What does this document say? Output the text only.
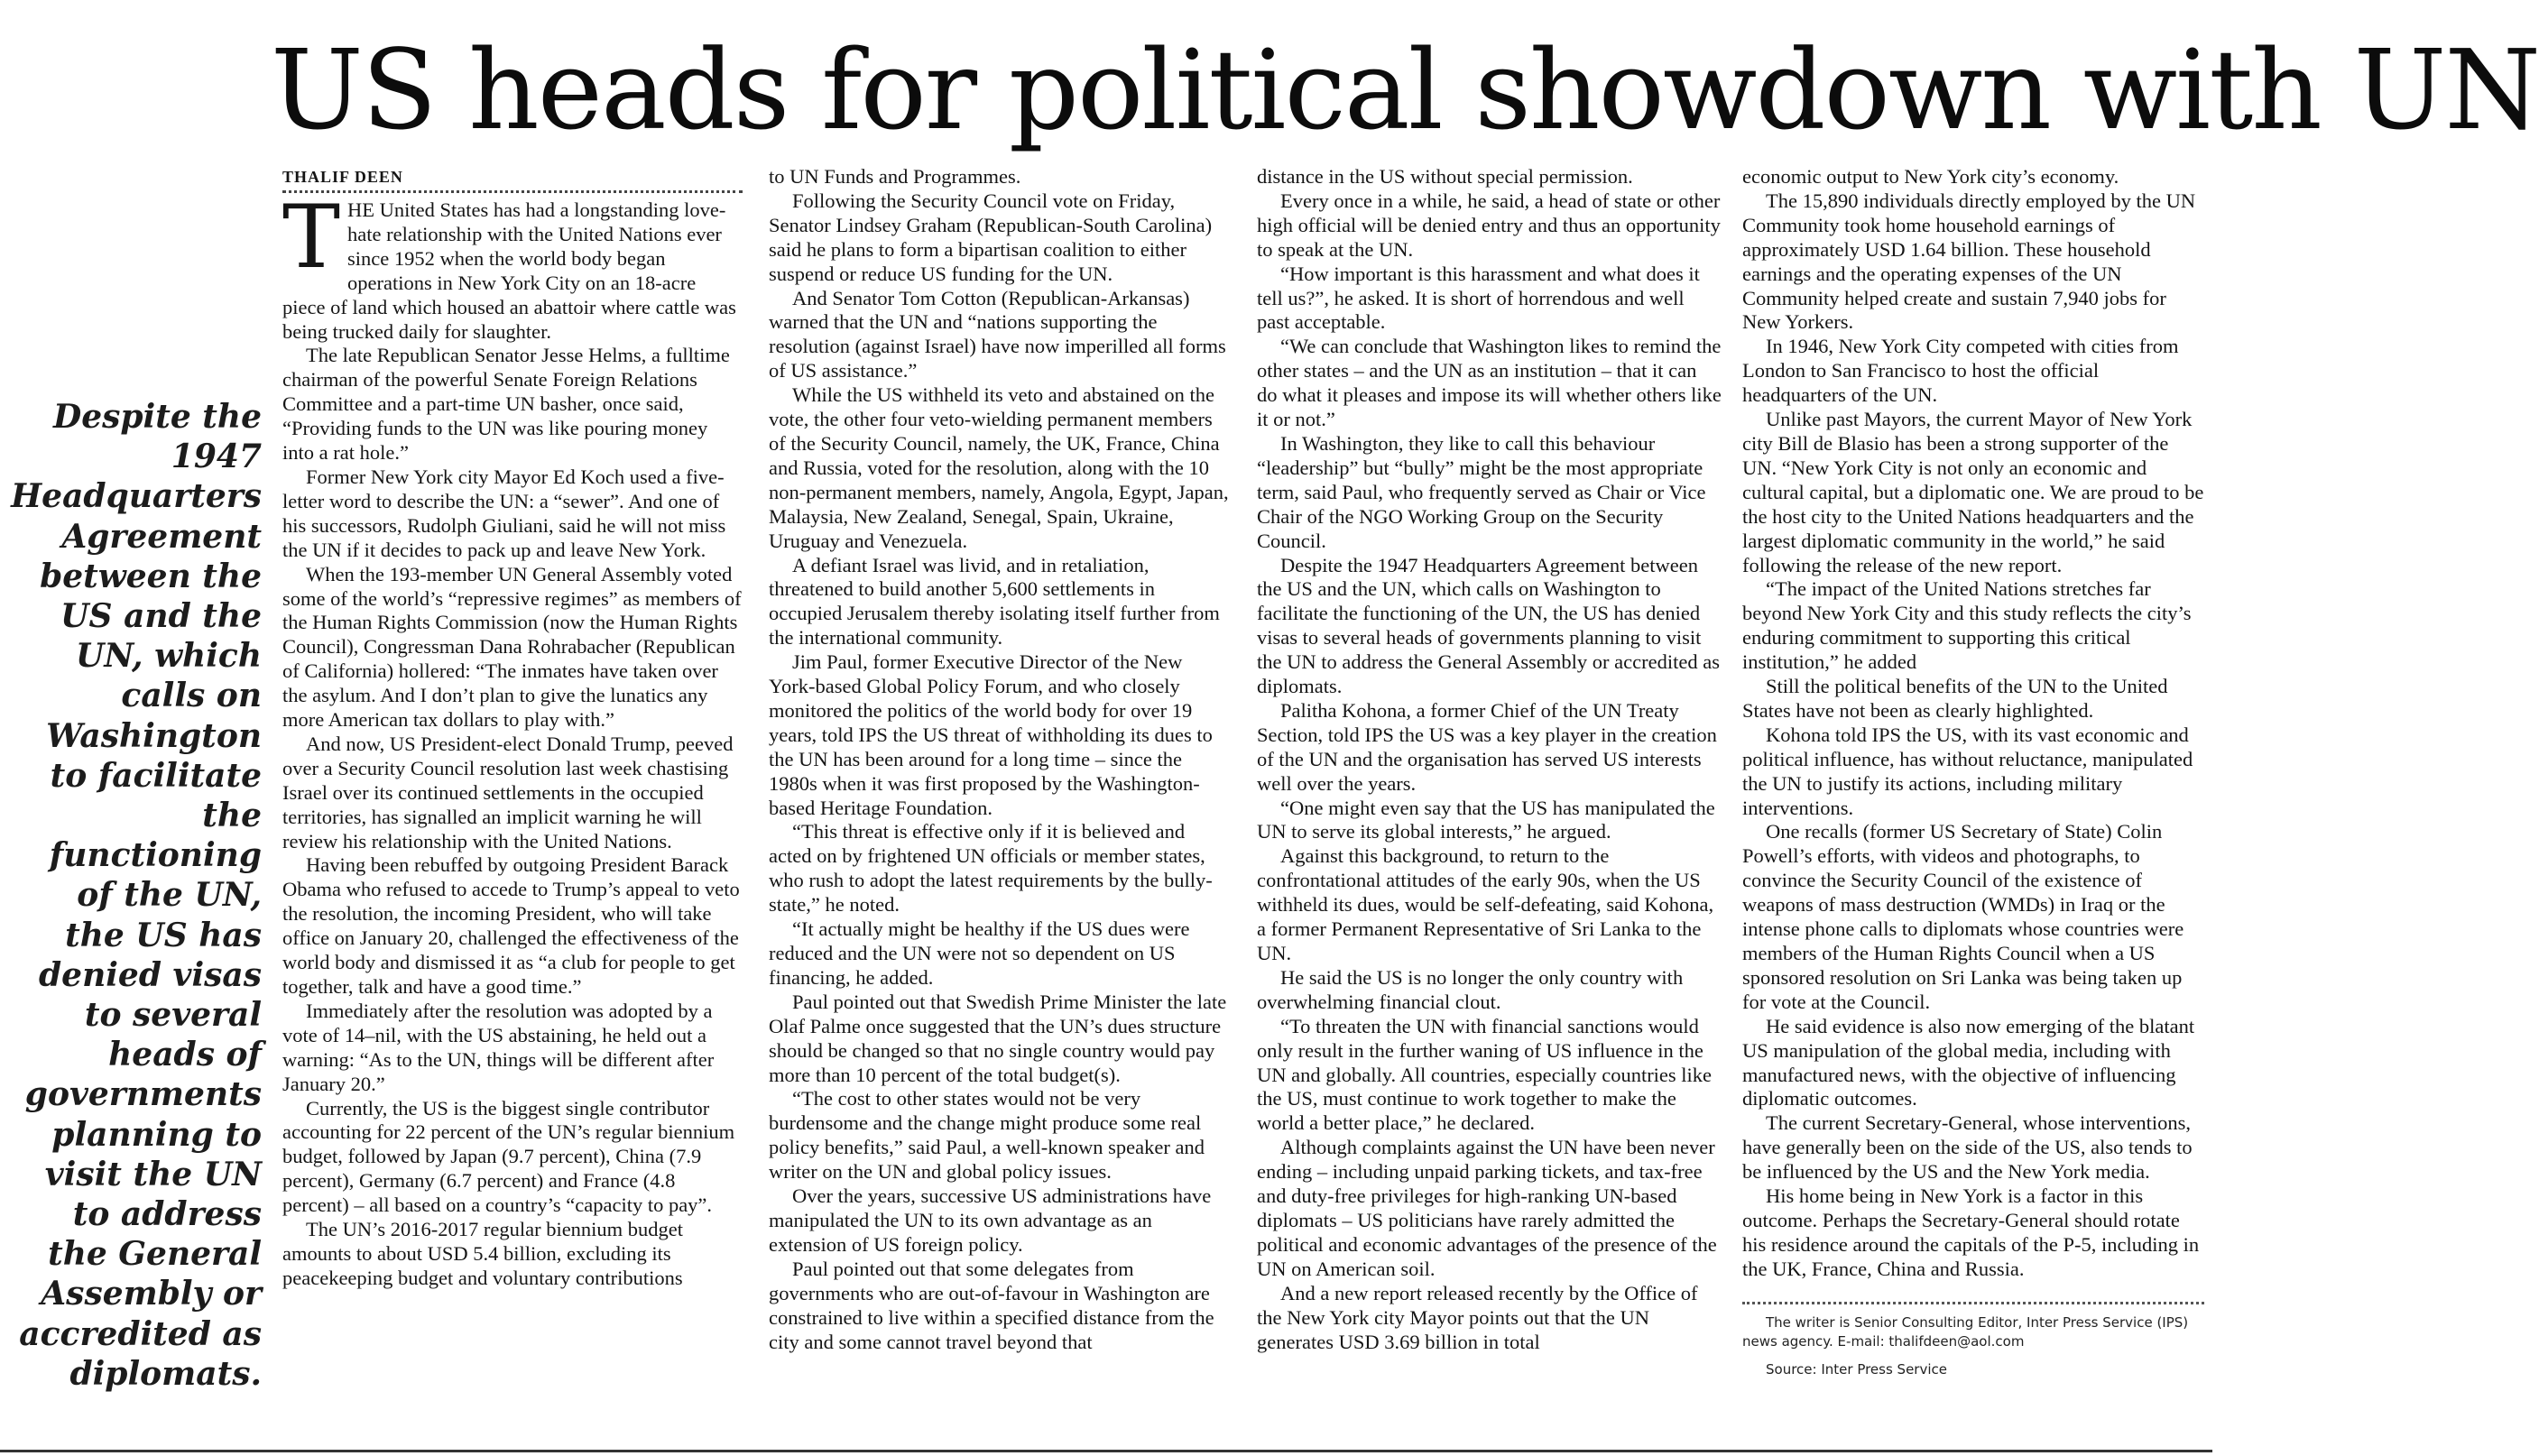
US heads for political showdown with UN
Despite the 1947 Headquarters Agreement between the US and the UN, which calls on Washington to facilitate the functioning of the UN, the US has denied visas to several heads of governments planning to visit the UN to address the General Assembly or accredited as diplomats.
THALIF DEEN

THE United States has had a longstanding love-hate relationship with the United Nations ever since 1952 when the world body began operations in New York City on an 18-acre piece of land which housed an abattoir where cattle was being trucked daily for slaughter.

The late Republican Senator Jesse Helms, a fulltime chairman of the powerful Senate Foreign Relations Committee and a part-time UN basher, once said, “Providing funds to the UN was like pouring money into a rat hole.”

Former New York city Mayor Ed Koch used a five-letter word to describe the UN: a “sewer”. And one of his successors, Rudolph Giuliani, said he will not miss the UN if it decides to pack up and leave New York.

When the 193-member UN General Assembly voted some of the world’s “repressive regimes” as members of the Human Rights Commission (now the Human Rights Council), Congressman Dana Rohrabacher (Republican of California) hollered: “The inmates have taken over the asylum. And I don’t plan to give the lunatics any more American tax dollars to play with.”

And now, US President-elect Donald Trump, peeved over a Security Council resolution last week chastising Israel over its continued settlements in the occupied territories, has signalled an implicit warning he will review his relationship with the United Nations.

Having been rebuffed by outgoing President Barack Obama who refused to accede to Trump’s appeal to veto the resolution, the incoming President, who will take office on January 20, challenged the effectiveness of the world body and dismissed it as “a club for people to get together, talk and have a good time.”

Immediately after the resolution was adopted by a vote of 14–nil, with the US abstaining, he held out a warning: “As to the UN, things will be different after January 20.”

Currently, the US is the biggest single contributor accounting for 22 percent of the UN’s regular biennium budget, followed by Japan (9.7 percent), China (7.9 percent), Germany (6.7 percent) and France (4.8 percent) – all based on a country’s “capacity to pay”.

The UN’s 2016-2017 regular biennium budget amounts to about USD 5.4 billion, excluding its peacekeeping budget and voluntary contributions

to UN Funds and Programmes.

Following the Security Council vote on Friday, Senator Lindsey Graham (Republican-South Carolina) said he plans to form a bipartisan coalition to either suspend or reduce US funding for the UN.

And Senator Tom Cotton (Republican-Arkansas) warned that the UN and “nations supporting the resolution (against Israel) have now imperilled all forms of US assistance.”

While the US withheld its veto and abstained on the vote, the other four veto-wielding permanent members of the Security Council, namely, the UK, France, China and Russia, voted for the resolution, along with the 10 non-permanent members, namely, Angola, Egypt, Japan, Malaysia, New Zealand, Senegal, Spain, Ukraine, Uruguay and Venezuela.

A defiant Israel was livid, and in retaliation, threatened to build another 5,600 settlements in occupied Jerusalem thereby isolating itself further from the international community.

Jim Paul, former Executive Director of the New York-based Global Policy Forum, and who closely monitored the politics of the world body for over 19 years, told IPS the US threat of withholding its dues to the UN has been around for a long time – since the 1980s when it was first proposed by the Washington-based Heritage Foundation.

“This threat is effective only if it is believed and acted on by frightened UN officials or member states, who rush to adopt the latest requirements by the bully-state,” he noted.

“It actually might be healthy if the US dues were reduced and the UN were not so dependent on US financing, he added.

Paul pointed out that Swedish Prime Minister the late Olaf Palme once suggested that the UN’s dues structure should be changed so that no single country would pay more than 10 percent of the total budget(s).

“The cost to other states would not be very burdensome and the change might produce some real policy benefits,” said Paul, a well-known speaker and writer on the UN and global policy issues.

Over the years, successive US administrations have manipulated the UN to its own advantage as an extension of US foreign policy.

Paul pointed out that some delegates from governments who are out-of-favour in Washington are constrained to live within a specified distance from the city and some cannot travel beyond that

distance in the US without special permission.

Every once in a while, he said, a head of state or other high official will be denied entry and thus an opportunity to speak at the UN.

“How important is this harassment and what does it tell us?”, he asked. It is short of horrendous and well past acceptable.

“We can conclude that Washington likes to remind the other states – and the UN as an institution – that it can do what it pleases and impose its will whether others like it or not.”

In Washington, they like to call this behaviour “leadership” but “bully” might be the most appropriate term, said Paul, who frequently served as Chair or Vice Chair of the NGO Working Group on the Security Council.

Despite the 1947 Headquarters Agreement between the US and the UN, which calls on Washington to facilitate the functioning of the UN, the US has denied visas to several heads of governments planning to visit the UN to address the General Assembly or accredited as diplomats.

Palitha Kohona, a former Chief of the UN Treaty Section, told IPS the US was a key player in the creation of the UN and the organisation has served US interests well over the years.

“One might even say that the US has manipulated the UN to serve its global interests,” he argued.

Against this background, to return to the confrontational attitudes of the early 90s, when the US withheld its dues, would be self-defeating, said Kohona, a former Permanent Representative of Sri Lanka to the UN.

He said the US is no longer the only country with overwhelming financial clout.

“To threaten the UN with financial sanctions would only result in the further waning of US influence in the UN and globally. All countries, especially countries like the US, must continue to work together to make the world a better place,” he declared.

Although complaints against the UN have been never ending – including unpaid parking tickets, and tax-free and duty-free privileges for high-ranking UN-based diplomats – US politicians have rarely admitted the political and economic advantages of the presence of the UN on American soil.

And a new report released recently by the Office of the New York city Mayor points out that the UN generates USD 3.69 billion in total

economic output to New York city’s economy.

The 15,890 individuals directly employed by the UN Community took home household earnings of approximately USD 1.64 billion. These household earnings and the operating expenses of the UN Community helped create and sustain 7,940 jobs for New Yorkers.

In 1946, New York City competed with cities from London to San Francisco to host the official headquarters of the UN.

Unlike past Mayors, the current Mayor of New York city Bill de Blasio has been a strong supporter of the UN. “New York City is not only an economic and cultural capital, but a diplomatic one. We are proud to be the host city to the United Nations headquarters and the largest diplomatic community in the world,” he said following the release of the new report.

“The impact of the United Nations stretches far beyond New York City and this study reflects the city’s enduring commitment to supporting this critical institution,” he added

Still the political benefits of the UN to the United States have not been as clearly highlighted.

Kohona told IPS the US, with its vast economic and political influence, has without reluctance, manipulated the UN to justify its actions, including military interventions.

One recalls (former US Secretary of State) Colin Powell’s efforts, with videos and photographs, to convince the Security Council of the existence of weapons of mass destruction (WMDs) in Iraq or the intense phone calls to diplomats whose countries were members of the Human Rights Council when a US sponsored resolution on Sri Lanka was being taken up for vote at the Council.

He said evidence is also now emerging of the blatant US manipulation of the global media, including with manufactured news, with the objective of influencing diplomatic outcomes.

The current Secretary-General, whose interventions, have generally been on the side of the US, also tends to be influenced by the US and the New York media.

His home being in New York is a factor in this outcome. Perhaps the Secretary-General should rotate his residence around the capitals of the P-5, including in the UK, France, China and Russia.

The writer is Senior Consulting Editor, Inter Press Service (IPS) news agency. E-mail: thalifdeen@aol.com

Source: Inter Press Service
